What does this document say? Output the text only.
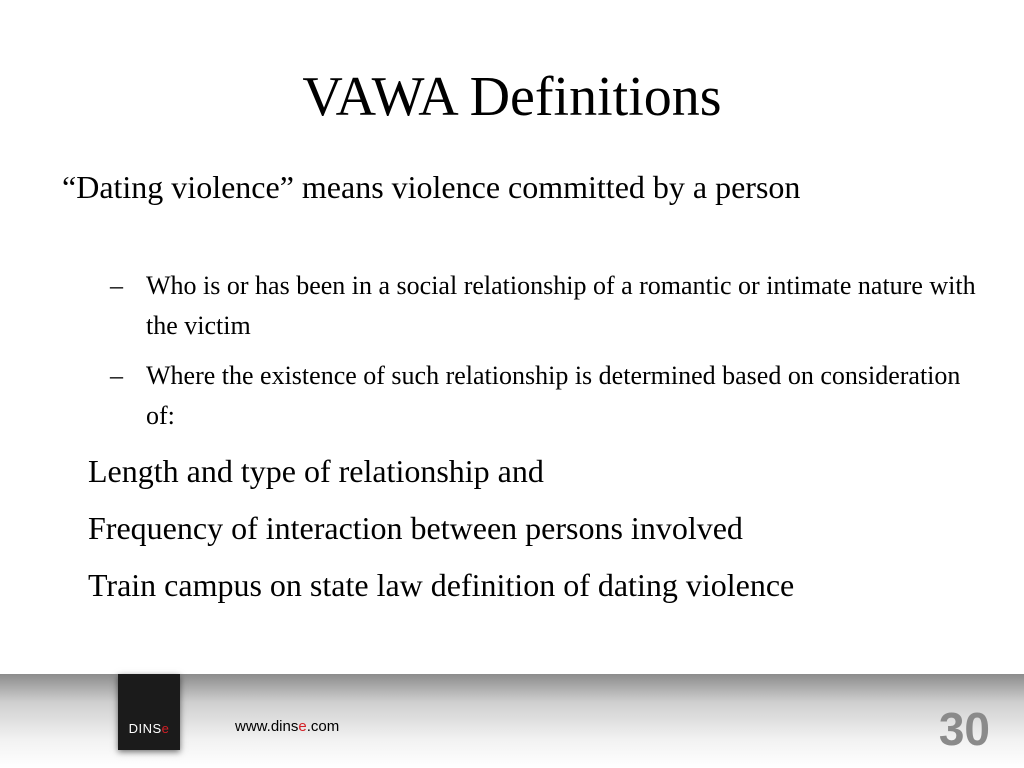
VAWA Definitions
“Dating violence” means violence committed by a person
– Who is or has been in a social relationship of a romantic or intimate nature with the victim
– Where the existence of such relationship is determined based on consideration of:
Length and type of relationship and
Frequency of interaction between persons involved
Train campus on state law definition of dating violence
DINS e	www.dinse.com	30
